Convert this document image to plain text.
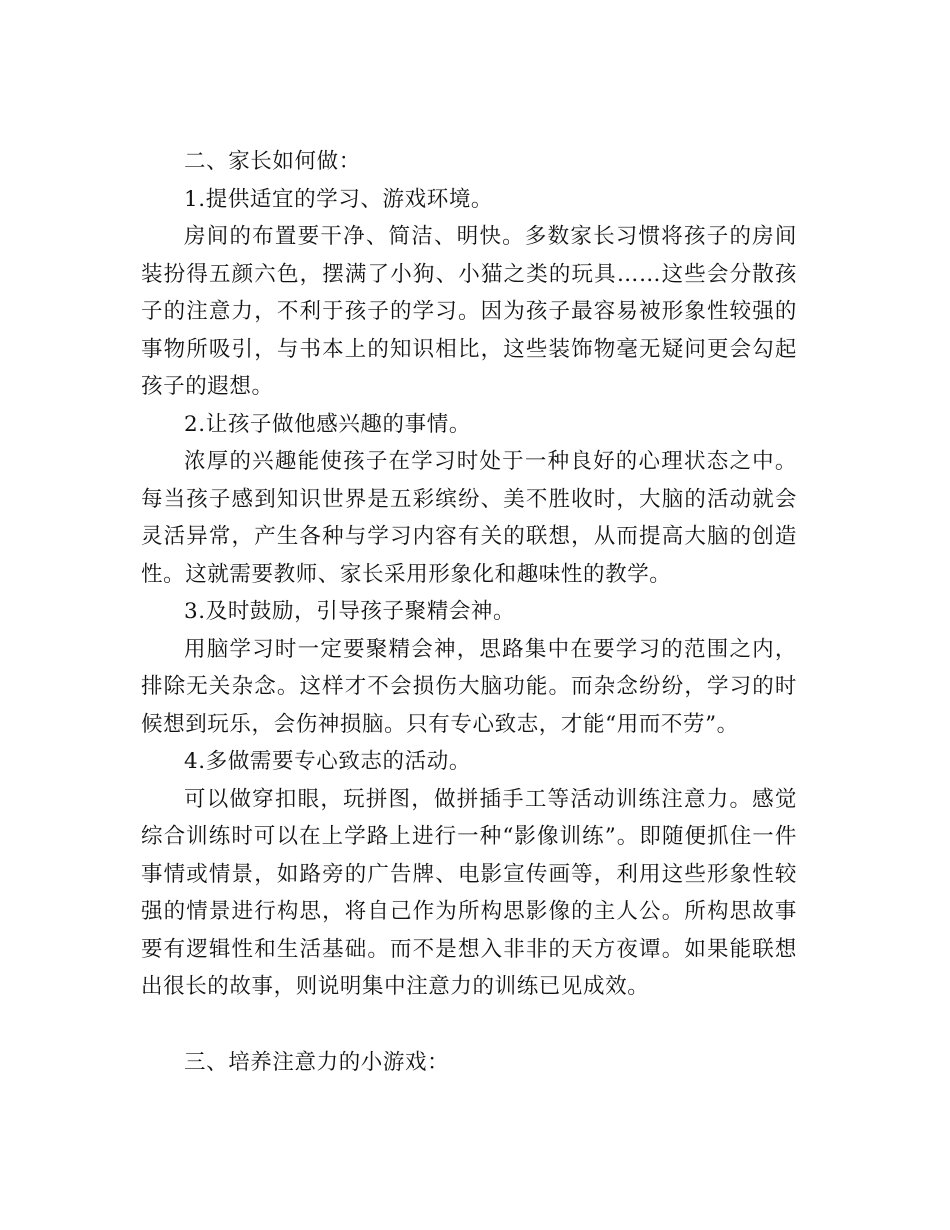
二、家长如何做：

1.提供适宜的学习、游戏环境。

房间的布置要干净、简洁、明快。多数家长习惯将孩子的房间装扮得五颜六色，摆满了小狗、小猫之类的玩具……这些会分散孩子的注意力，不利于孩子的学习。因为孩子最容易被形象性较强的事物所吸引，与书本上的知识相比，这些装饰物毫无疑问更会勾起孩子的遐想。

2.让孩子做他感兴趣的事情。

浓厚的兴趣能使孩子在学习时处于一种良好的心理状态之中。每当孩子感到知识世界是五彩缤纷、美不胜收时，大脑的活动就会灵活异常，产生各种与学习内容有关的联想，从而提高大脑的创造性。这就需要教师、家长采用形象化和趣味性的教学。

3.及时鼓励，引导孩子聚精会神。

用脑学习时一定要聚精会神，思路集中在要学习的范围之内，排除无关杂念。这样才不会损伤大脑功能。而杂念纷纷，学习的时候想到玩乐，会伤神损脑。只有专心致志，才能“用而不劳”。

4.多做需要专心致志的活动。

可以做穿扣眼，玩拼图，做拼插手工等活动训练注意力。感觉综合训练时可以在上学路上进行一种“影像训练”。即随便抓住一件事情或情景，如路旁的广告牌、电影宣传画等，利用这些形象性较强的情景进行构思，将自己作为所构思影像的主人公。所构思故事要有逻辑性和生活基础。而不是想入非非的天方夜谭。如果能联想出很长的故事，则说明集中注意力的训练已见成效。

三、培养注意力的小游戏：
